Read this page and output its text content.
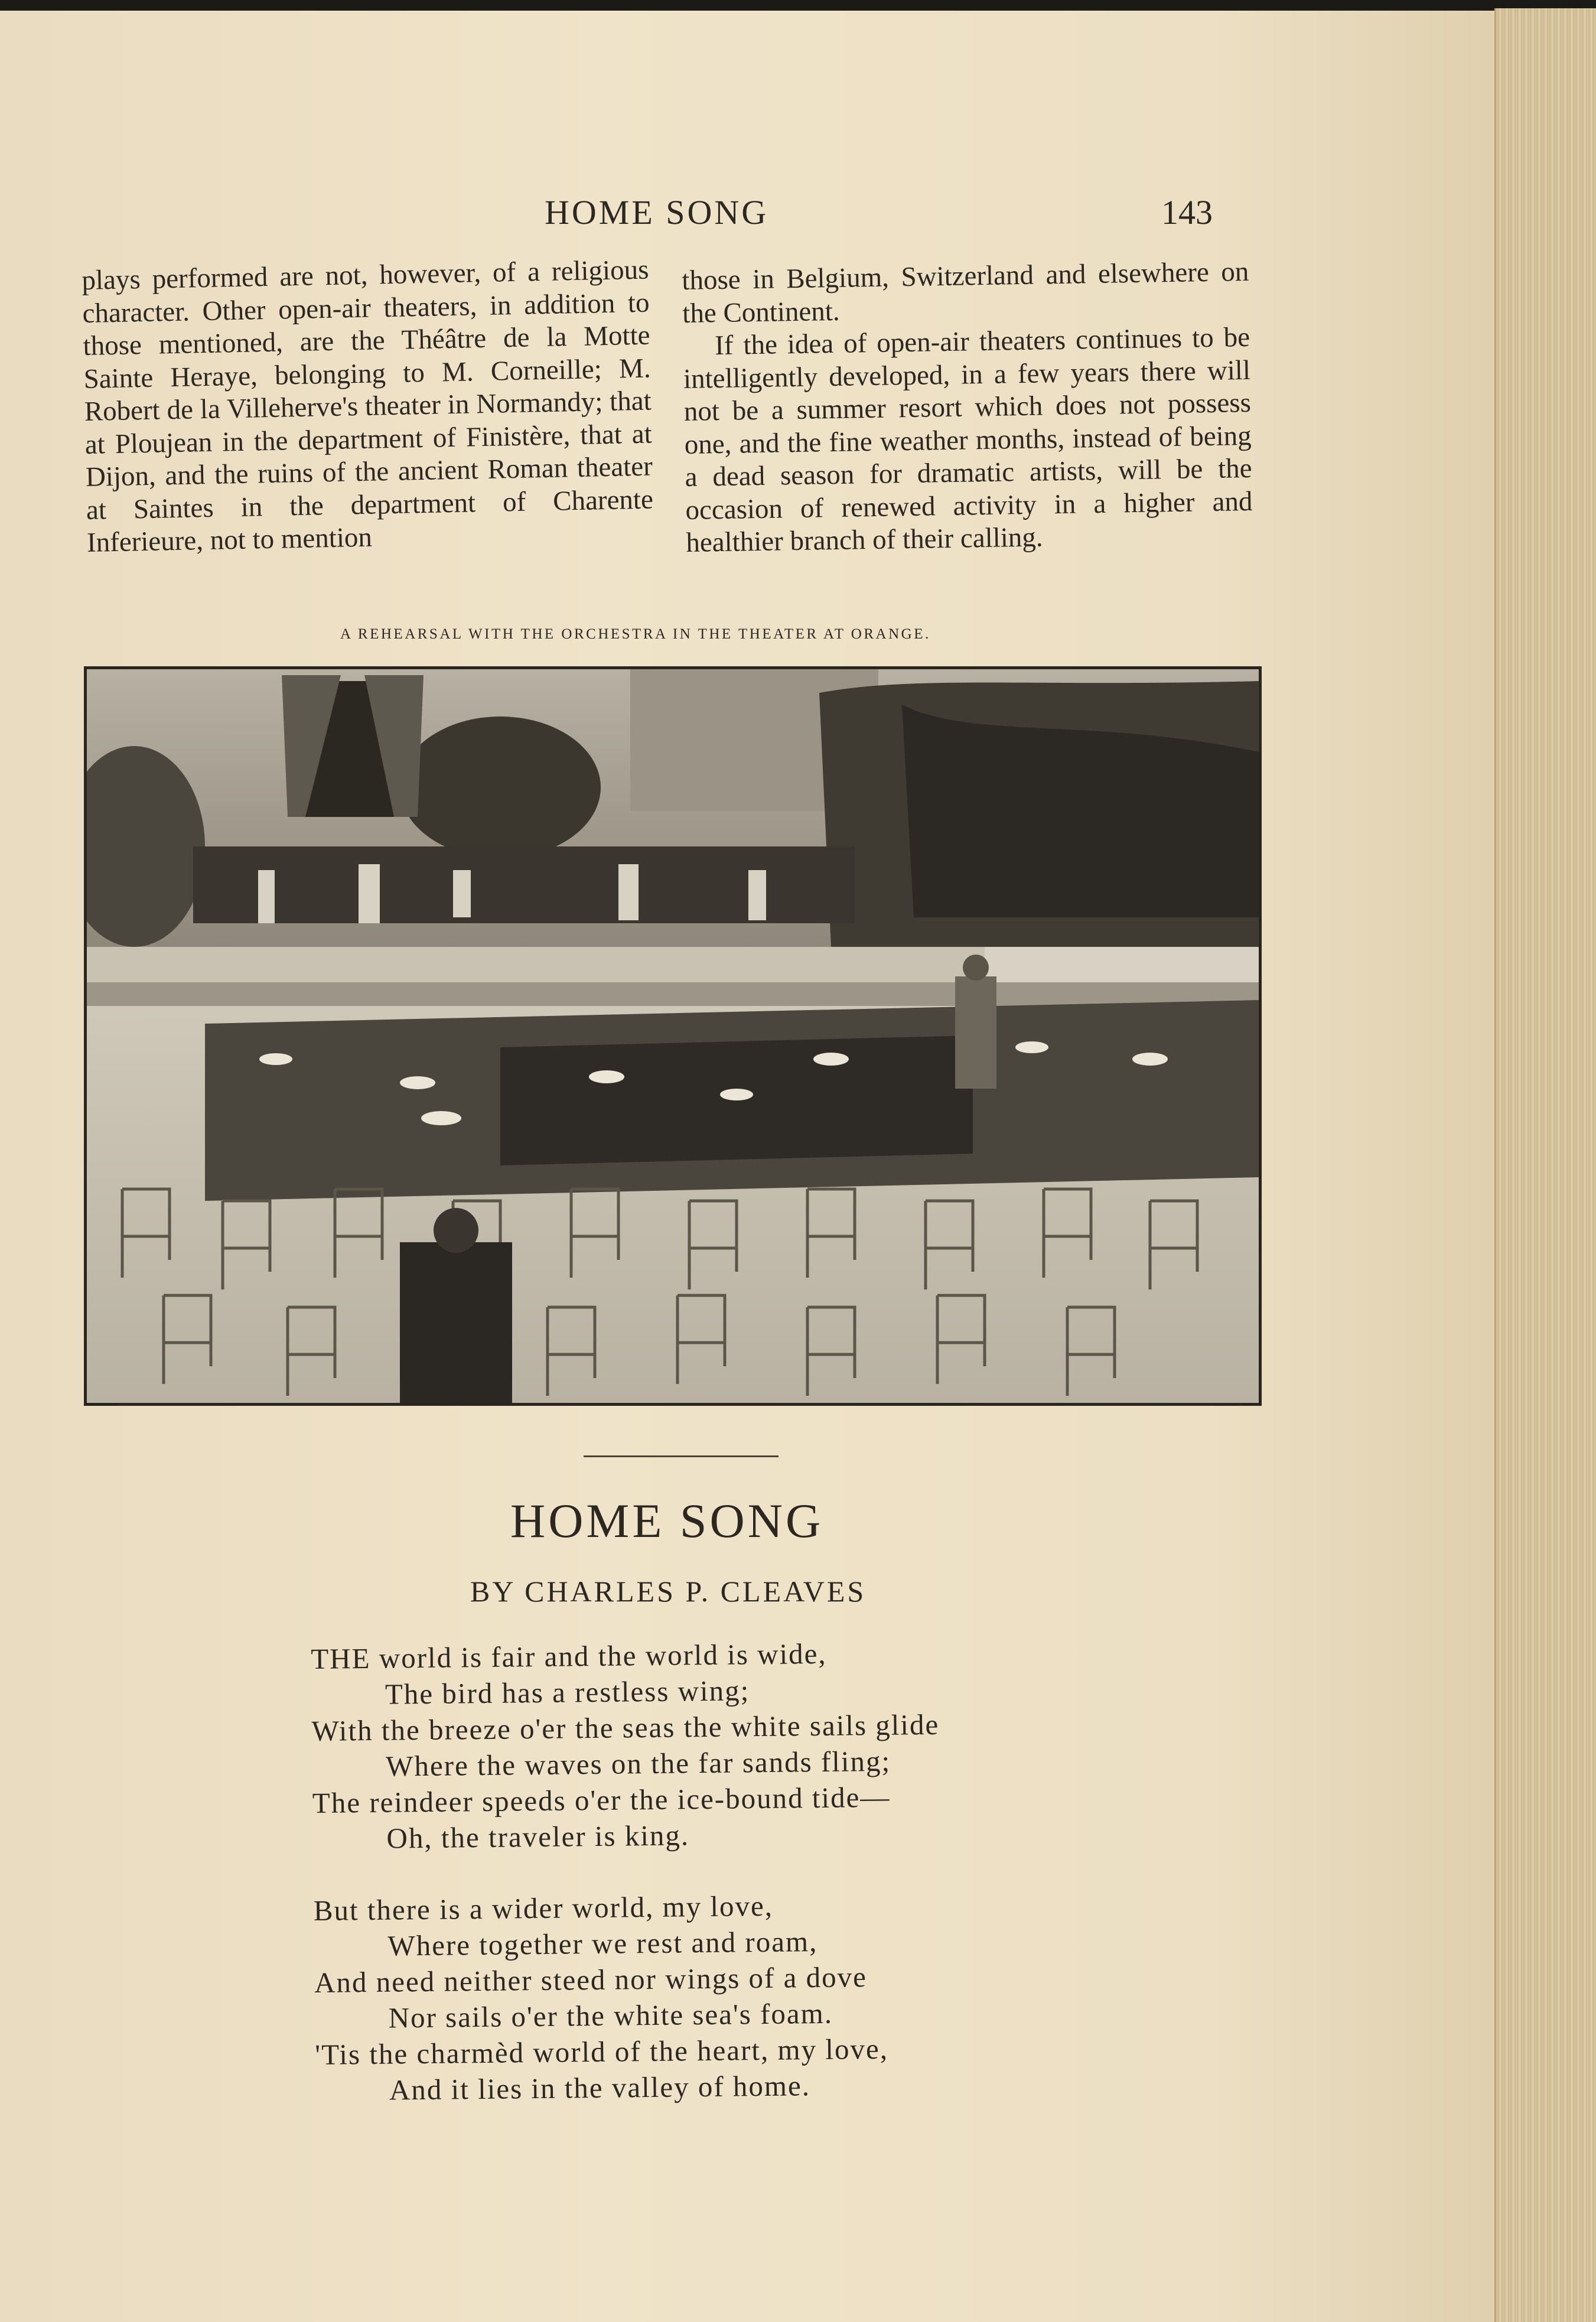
HOME SONG	143

plays performed are not, however, of a religious character. Other open-air theaters, in addition to those mentioned, are the Théâtre de la Motte Sainte Heraye, belonging to M. Corneille; M. Robert de la Villeherve's theater in Normandy; that at Ploujean in the department of Finistère, that at Dijon, and the ruins of the ancient Roman theater at Saintes in the department of Charente Inferieure, not to mention

those in Belgium, Switzerland and elsewhere on the Continent.

If the idea of open-air theaters continues to be intelligently developed, in a few years there will not be a summer resort which does not possess one, and the fine weather months, instead of being a dead season for dramatic artists, will be the occasion of renewed activity in a higher and healthier branch of their calling.

A REHEARSAL WITH THE ORCHESTRA IN THE THEATER AT ORANGE.
HOME SONG
BY CHARLES P. CLEAVES
THE world is fair and the world is wide,
The bird has a restless wing;
With the breeze o'er the seas the white sails glide
Where the waves on the far sands fling;
The reindeer speeds o'er the ice-bound tide—
Oh, the traveler is king.
But there is a wider world, my love,
Where together we rest and roam,
And need neither steed nor wings of a dove
Nor sails o'er the white sea's foam.
'Tis the charmèd world of the heart, my love,
And it lies in the valley of home.
